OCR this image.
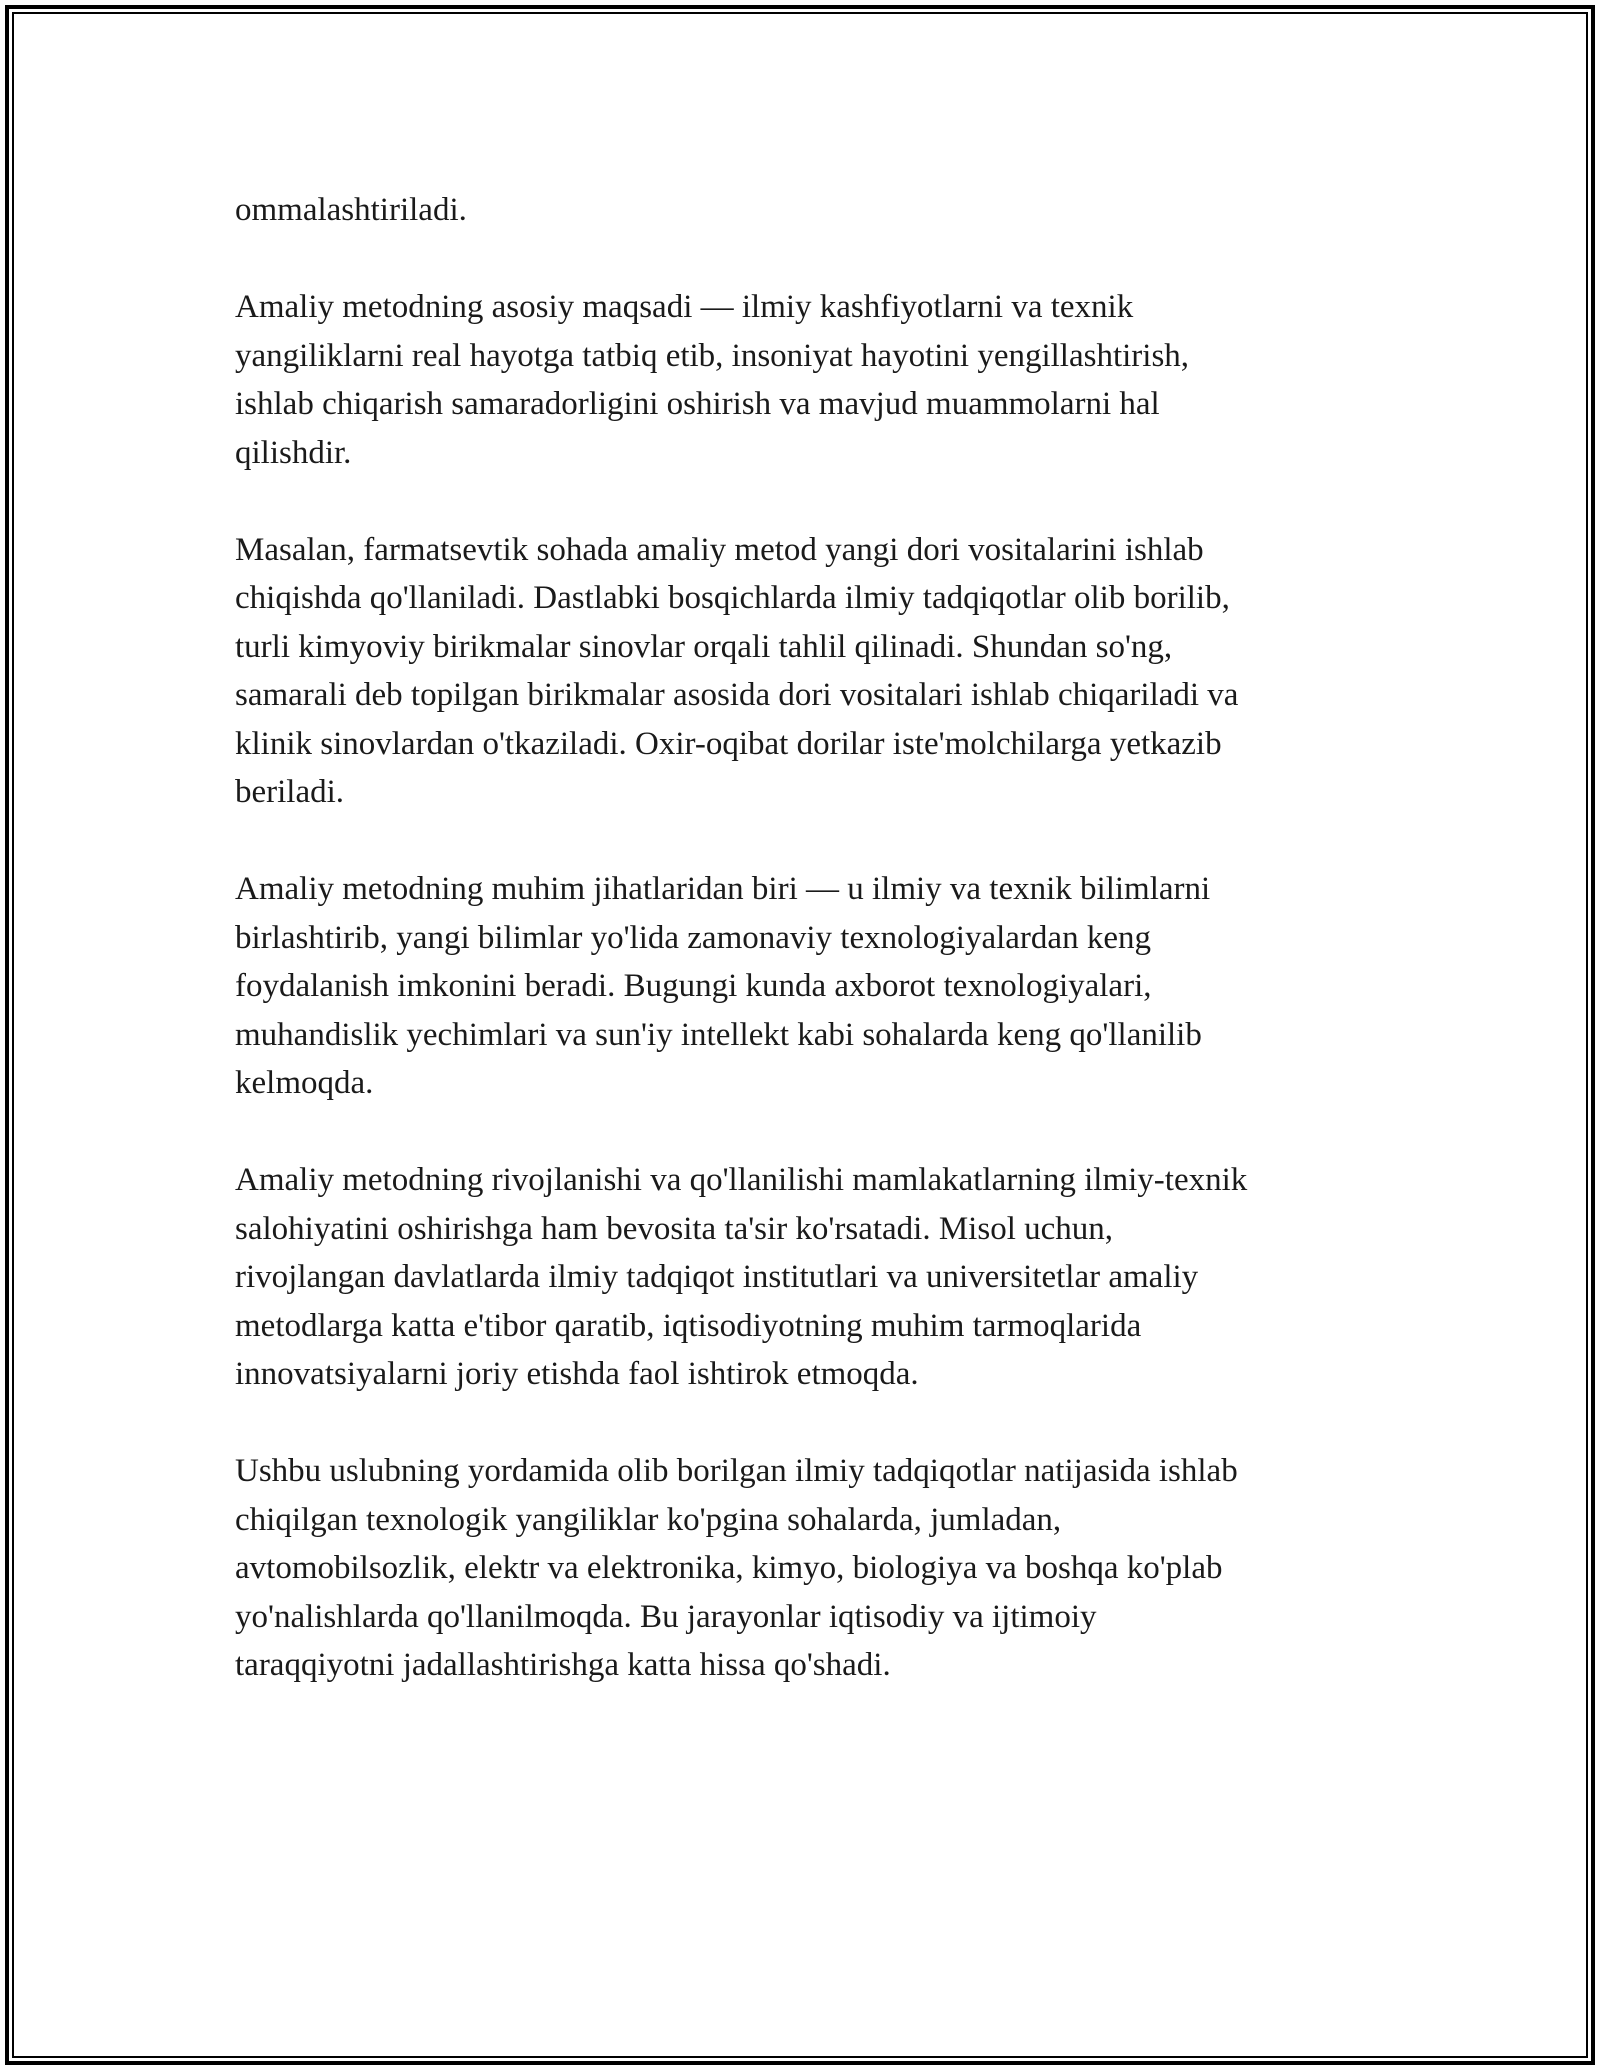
ommalashtiriladi.

Amaliy metodning asosiy maqsadi — ilmiy kashfiyotlarni va texnik
yangiliklarni real hayotga tatbiq etib, insoniyat hayotini yengillashtirish,
ishlab chiqarish samaradorligini oshirish va mavjud muammolarni hal
qilishdir.

Masalan, farmatsevtik sohada amaliy metod yangi dori vositalarini ishlab
chiqishda qo'llaniladi. Dastlabki bosqichlarda ilmiy tadqiqotlar olib borilib,
turli kimyoviy birikmalar sinovlar orqali tahlil qilinadi. Shundan so'ng,
samarali deb topilgan birikmalar asosida dori vositalari ishlab chiqariladi va
klinik sinovlardan o'tkaziladi. Oxir-oqibat dorilar iste'molchilarga yetkazib
beriladi.

Amaliy metodning muhim jihatlaridan biri — u ilmiy va texnik bilimlarni
birlashtirib, yangi bilimlar yo'lida zamonaviy texnologiyalardan keng
foydalanish imkonini beradi. Bugungi kunda axborot texnologiyalari,
muhandislik yechimlari va sun'iy intellekt kabi sohalarda keng qo'llanilib
kelmoqda.

Amaliy metodning rivojlanishi va qo'llanilishi mamlakatlarning ilmiy-texnik
salohiyatini oshirishga ham bevosita ta'sir ko'rsatadi. Misol uchun,
rivojlangan davlatlarda ilmiy tadqiqot institutlari va universitetlar amaliy
metodlarga katta e'tibor qaratib, iqtisodiyotning muhim tarmoqlarida
innovatsiyalarni joriy etishda faol ishtirok etmoqda.

Ushbu uslubning yordamida olib borilgan ilmiy tadqiqotlar natijasida ishlab
chiqilgan texnologik yangiliklar ko'pgina sohalarda, jumladan,
avtomobilsozlik, elektr va elektronika, kimyo, biologiya va boshqa ko'plab
yo'nalishlarda qo'llanilmoqda. Bu jarayonlar iqtisodiy va ijtimoiy
taraqqiyotni jadallashtirishga katta hissa qo'shadi.
